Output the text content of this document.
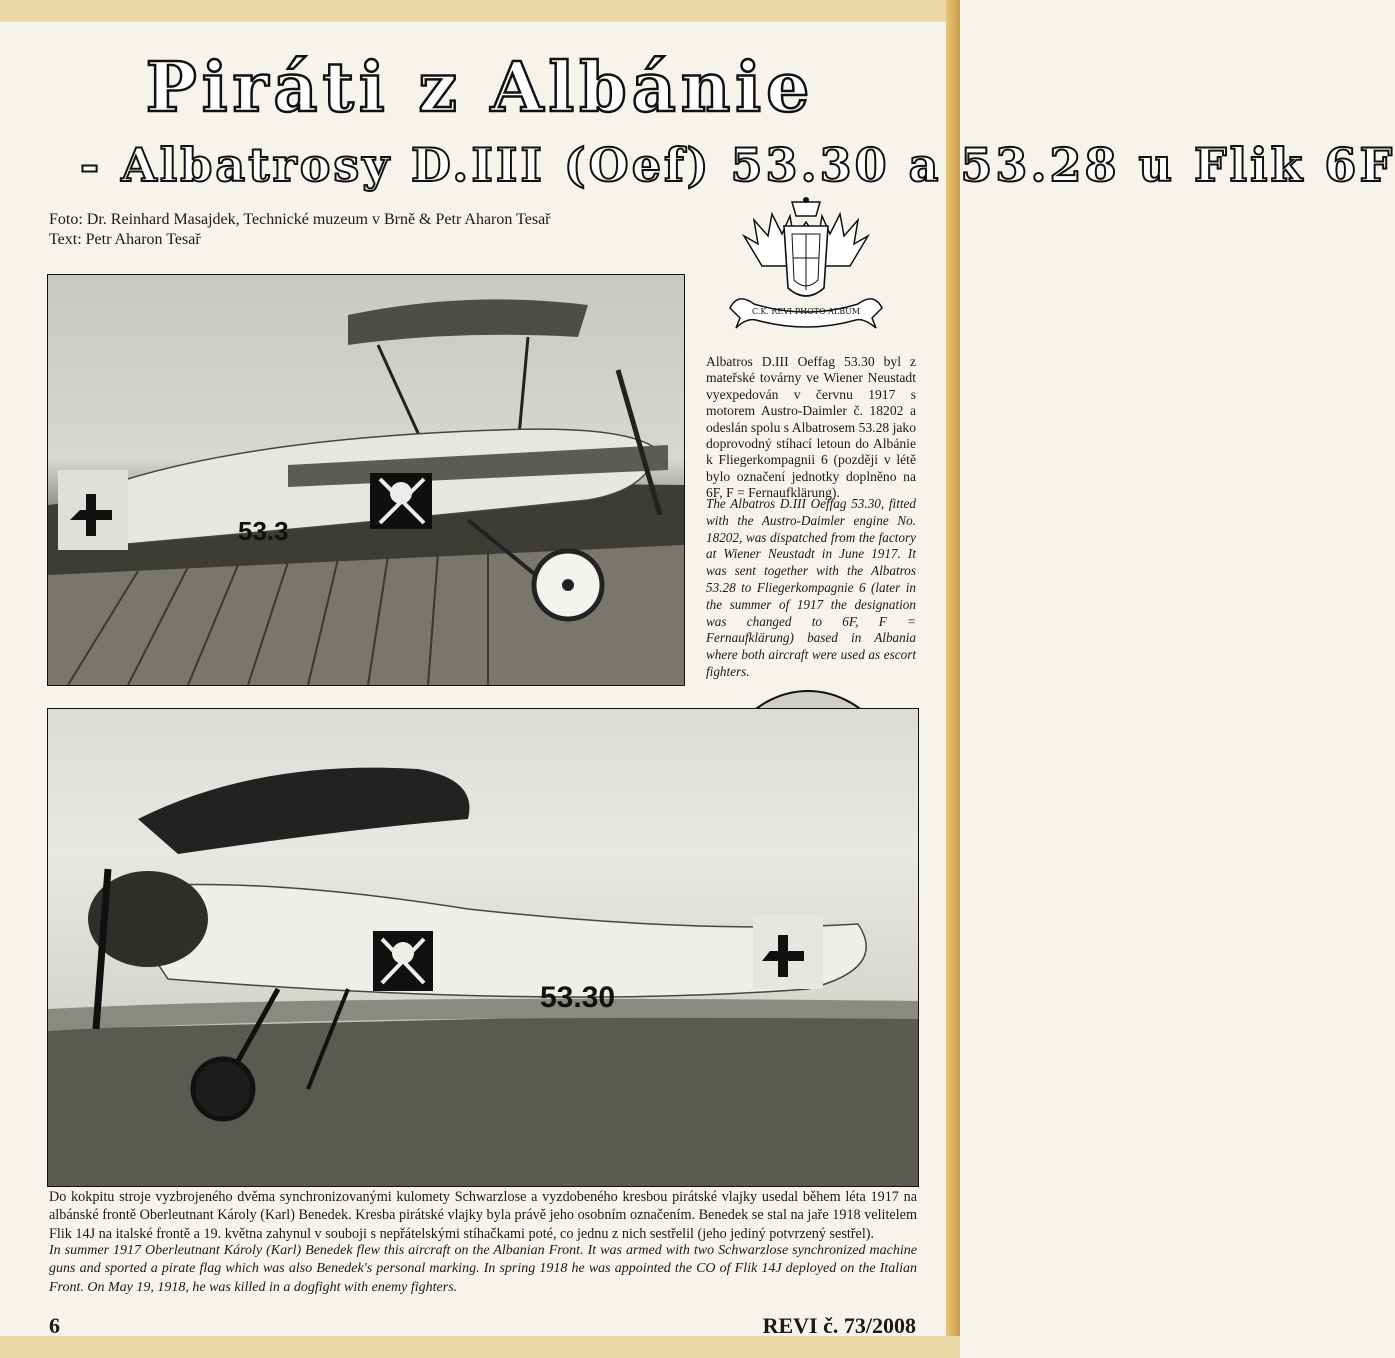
Piráti z Albánie
- Albatrosy D.III (Oef) 53.30 a 53.28 u Flik 6F
Foto: Dr. Reinhard Masajdek, Technické muzeum v Brně & Petr Aharon Tesař
Text: Petr Aharon Tesař
C.K. REVI PHOTO ALBUM
53.3
Albatros D.III Oeffag 53.30 byl z mateřské továrny ve Wiener Neustadt vyexpedován v červnu 1917 s motorem Austro-Daimler č. 18202 a odeslán spolu s Albatrosem 53.28 jako doprovodný stíhací letoun do Albánie k Fliegerkompagnii 6 (později v létě bylo označení jednotky doplněno na 6F, F = Fernaufklärung).
The Albatros D.III Oeffag 53.30, fitted with the Austro-Daimler engine No. 18202, was dispatched from the factory at Wiener Neustadt in June 1917. It was sent together with the Albatros 53.28 to Fliegerkompagnie 6 (later in the summer of 1917 the designation was changed to 6F, F = Fernaufklärung) based in Albania where both aircraft were used as escort fighters.
53.30
Do kokpitu stroje vyzbrojeného dvěma synchronizovanými kulomety Schwarzlose a vyzdobeného kresbou pirátské vlajky usedal během léta 1917 na albánské frontě Oberleutnant Károly (Karl) Benedek. Kresba pirátské vlajky byla právě jeho osobním označením. Benedek se stal na jaře 1918 velitelem Flik 14J na italské frontě a 19. května zahynul v souboji s nepřátelskými stíhačkami poté, co jednu z nich sestřelil (jeho jediný potvrzený sestřel).
In summer 1917 Oberleutnant Károly (Karl) Benedek flew this aircraft on the Albanian Front. It was armed with two Schwarzlose synchronized machine guns and sported a pirate flag which was also Benedek's personal marking. In spring 1918 he was appointed the CO of Flik 14J deployed on the Italian Front. On May 19, 1918, he was killed in a dogfight with enemy fighters.
6	REVI č. 73/2008
